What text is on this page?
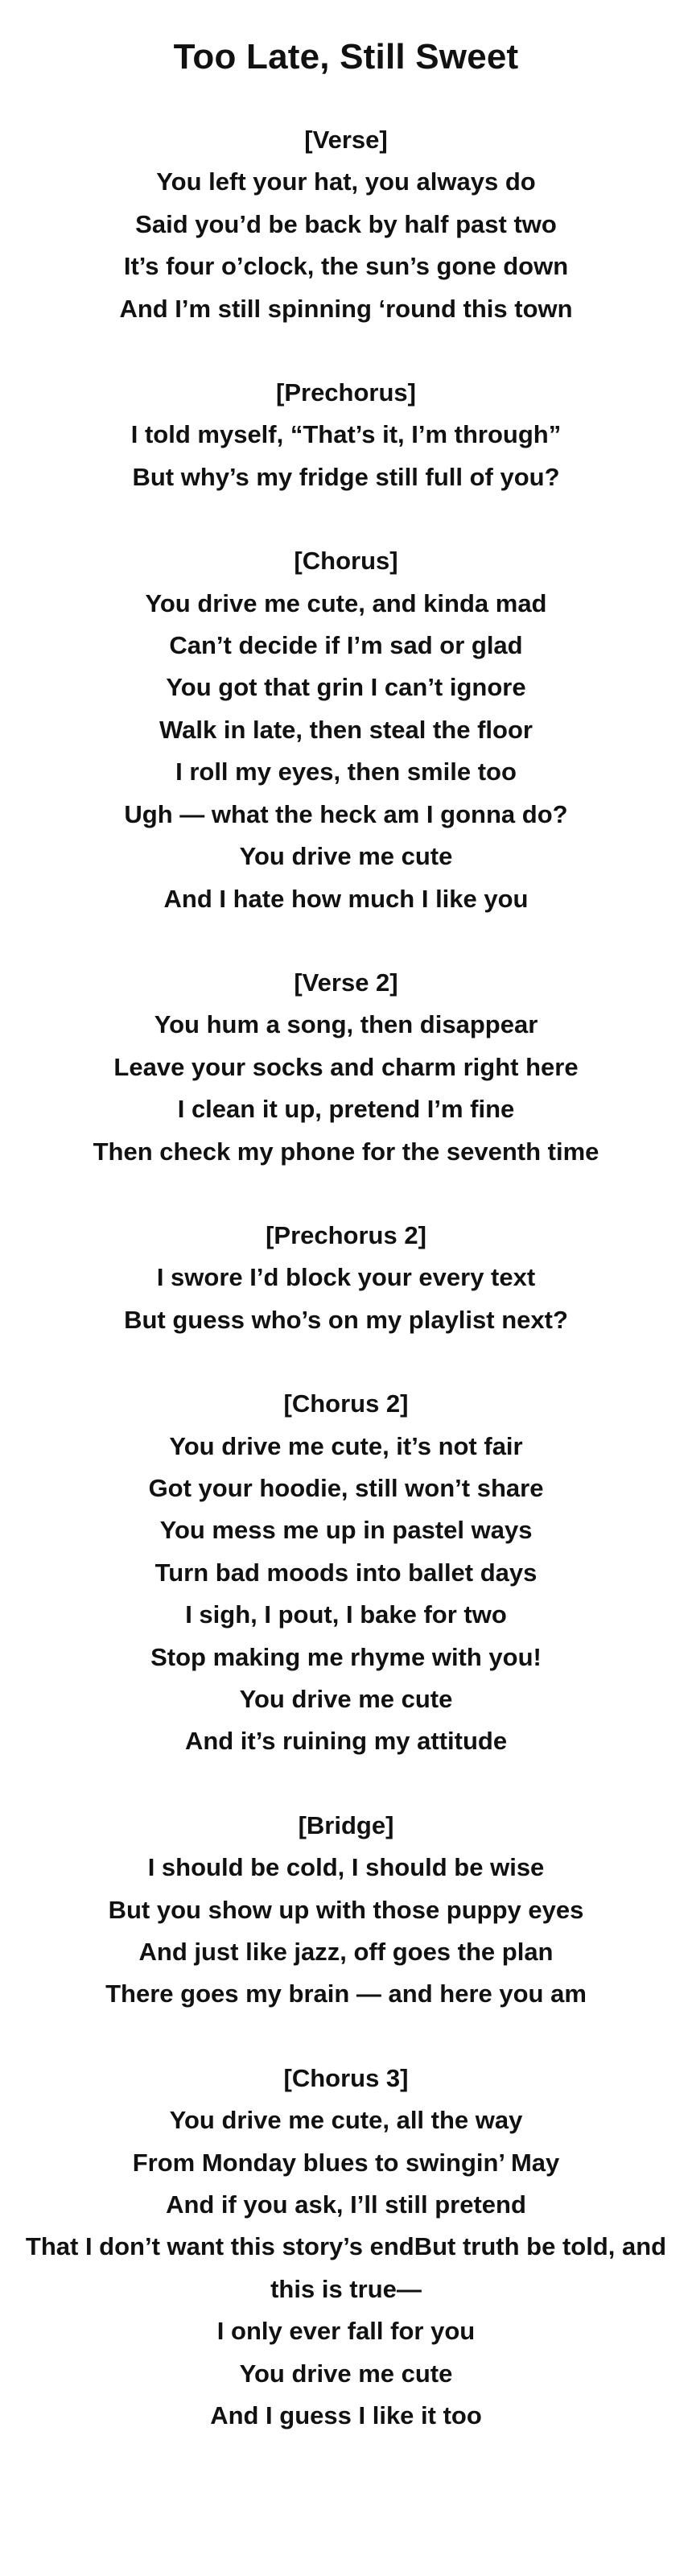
Too Late, Still Sweet
[Verse]
You left your hat, you always do
Said you’d be back by half past two
It’s four o’clock, the sun’s gone down
And I’m still spinning ‘round this town
[Prechorus]
I told myself, “That’s it, I’m through”
But why’s my fridge still full of you?
[Chorus]
You drive me cute, and kinda mad
Can’t decide if I’m sad or glad
You got that grin I can’t ignore
Walk in late, then steal the floor
I roll my eyes, then smile too
Ugh — what the heck am I gonna do?
You drive me cute
And I hate how much I like you
[Verse 2]
You hum a song, then disappear
Leave your socks and charm right here
I clean it up, pretend I’m fine
Then check my phone for the seventh time
[Prechorus 2]
I swore I’d block your every text
But guess who’s on my playlist next?
[Chorus 2]
You drive me cute, it’s not fair
Got your hoodie, still won’t share
You mess me up in pastel ways
Turn bad moods into ballet days
I sigh, I pout, I bake for two
Stop making me rhyme with you!
You drive me cute
And it’s ruining my attitude
[Bridge]
I should be cold, I should be wise
But you show up with those puppy eyes
And just like jazz, off goes the plan
There goes my brain — and here you am
[Chorus 3]
You drive me cute, all the way
From Monday blues to swingin’ May
And if you ask, I’ll still pretend
That I don’t want this story’s endBut truth be told, and this is true—
I only ever fall for you
You drive me cute
And I guess I like it too
